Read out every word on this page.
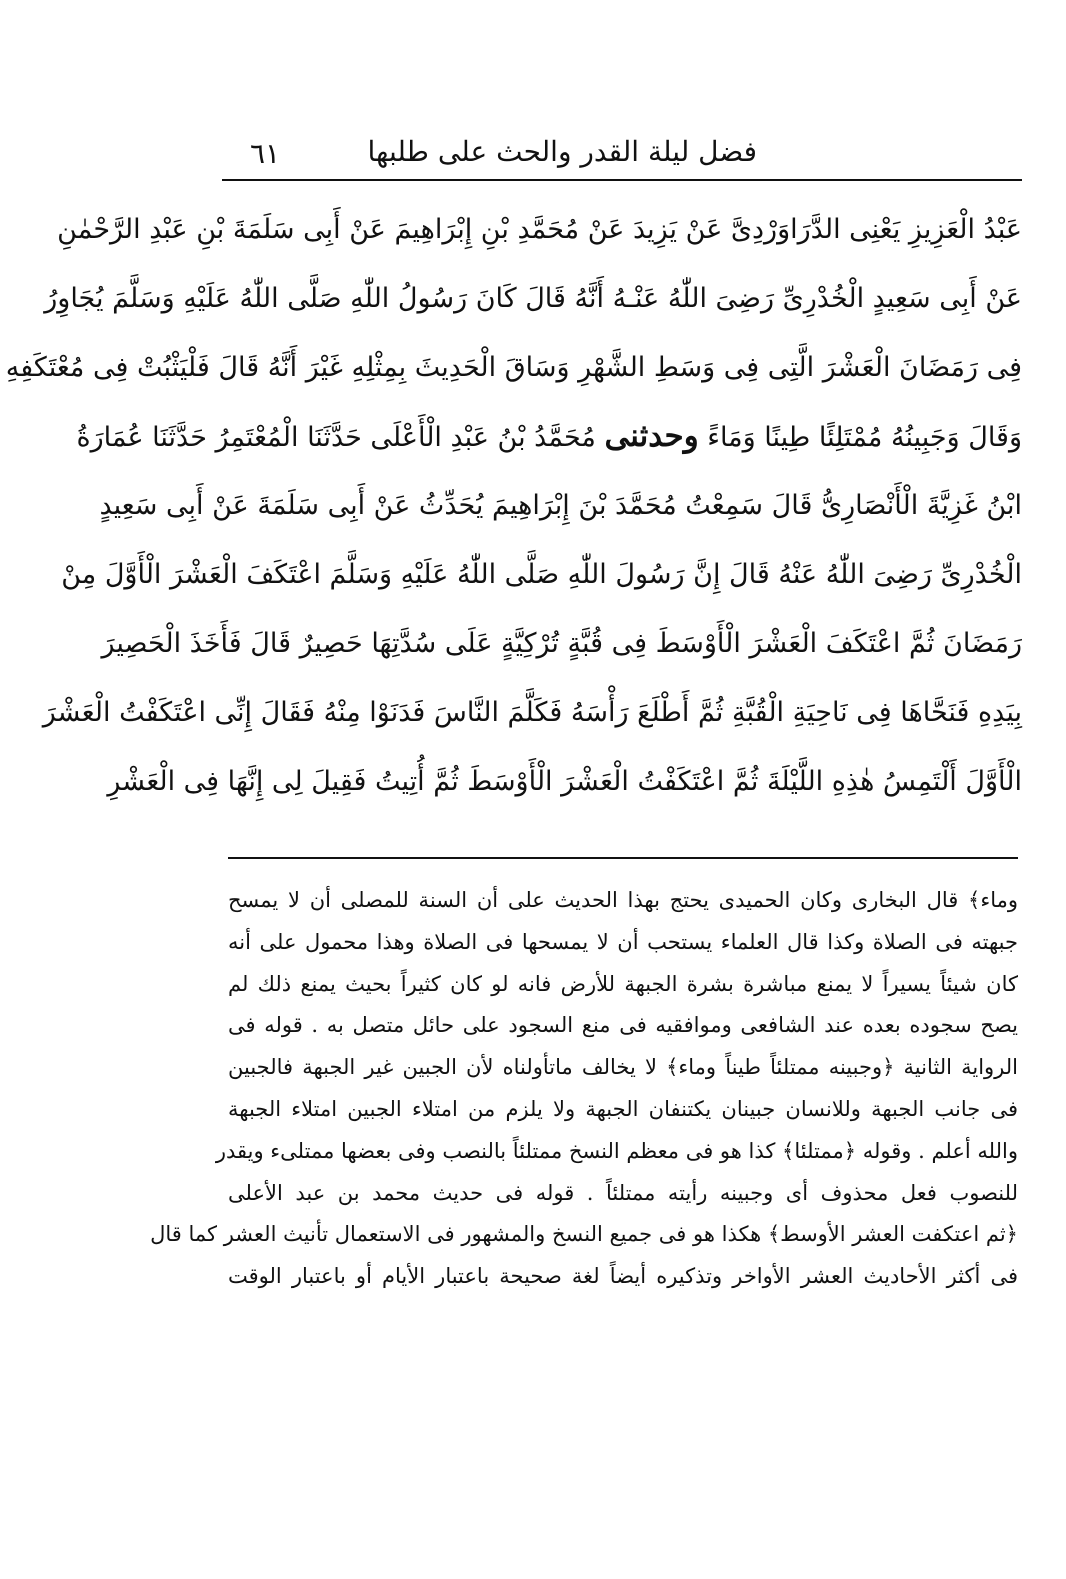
فضل ليلة القدر والحث على طلبها
٦١
عَبْدُ الْعَزِيزِ يَعْنِى الدَّرَاوَرْدِىَّ عَنْ يَزِيدَ عَنْ مُحَمَّدِ بْنِ إِبْرَاهِيمَ عَنْ أَبِى سَلَمَةَ بْنِ عَبْدِ الرَّحْمٰنِ
عَنْ أَبِى سَعِيدٍ الْخُدْرِىِّ رَضِىَ اللّٰهُ عَنْـهُ أَنَّهُ قَالَ كَانَ رَسُولُ اللّٰهِ صَلَّى اللّٰهُ عَلَيْهِ وَسَلَّمَ يُجَاوِرُ
فِى رَمَضَانَ الْعَشْرَ الَّتِى فِى وَسَطِ الشَّهْرِ وَسَاقَ الْحَدِيثَ بِمِثْلِهِ غَيْرَ أَنَّهُ قَالَ فَلْيَثْبُتْ فِى مُعْتَكَفِهِ
وَقَالَ وَجَبِينُهُ مُمْتَلِئًا طِينًا وَمَاءً وحدثنى مُحَمَّدُ بْنُ عَبْدِ الْأَعْلَى حَدَّثَنَا الْمُعْتَمِرُ حَدَّثَنَا عُمَارَةُ
ابْنُ غَزِيَّةَ الْأَنْصَارِىُّ قَالَ سَمِعْتُ مُحَمَّدَ بْنَ إِبْرَاهِيمَ يُحَدِّثُ عَنْ أَبِى سَلَمَةَ عَنْ أَبِى سَعِيدٍ
الْخُدْرِىِّ رَضِىَ اللّٰهُ عَنْهُ قَالَ إِنَّ رَسُولَ اللّٰهِ صَلَّى اللّٰهُ عَلَيْهِ وَسَلَّمَ اعْتَكَفَ الْعَشْرَ الْأَوَّلَ مِنْ
رَمَضَانَ ثُمَّ اعْتَكَفَ الْعَشْرَ الْأَوْسَطَ فِى قُبَّةٍ تُرْكِيَّةٍ عَلَى سُدَّتِهَا حَصِيرٌ قَالَ فَأَخَذَ الْحَصِيرَ
بِيَدِهِ فَنَحَّاهَا فِى نَاحِيَةِ الْقُبَّةِ ثُمَّ أَطْلَعَ رَأْسَهُ فَكَلَّمَ النَّاسَ فَدَنَوْا مِنْهُ فَقَالَ إِنِّى اعْتَكَفْتُ الْعَشْرَ
الْأَوَّلَ أَلْتَمِسُ هٰذِهِ اللَّيْلَةَ ثُمَّ اعْتَكَفْتُ الْعَشْرَ الْأَوْسَطَ ثُمَّ أُتِيتُ فَقِيلَ لِى إِنَّهَا فِى الْعَشْرِ
وماء﴾ قال البخارى وكان الحميدى يحتج بهذا الحديث على أن السنة للمصلى أن لا يمسح
جبهته فى الصلاة وكذا قال العلماء يستحب أن لا يمسحها فى الصلاة وهذا محمول على أنه
كان شيئاً يسيراً لا يمنع مباشرة بشرة الجبهة للأرض فانه لو كان كثيراً بحيث يمنع ذلك لم
يصح سجوده بعده عند الشافعى وموافقيه فى منع السجود على حائل متصل به . قوله فى
الرواية الثانية ﴿وجبينه ممتلئاً طيناً وماء﴾ لا يخالف ماتأولناه لأن الجبين غير الجبهة فالجبين
فى جانب الجبهة وللانسان جبينان يكتنفان الجبهة ولا يلزم من امتلاء الجبين امتلاء الجبهة
والله أعلم . وقوله ﴿ممتلئا﴾ كذا هو فى معظم النسخ ممتلئاً بالنصب وفى بعضها ممتلىء ويقدر
للنصوب فعل محذوف أى وجبينه رأيته ممتلئاً . قوله فى حديث محمد بن عبد الأعلى
﴿ثم اعتكفت العشر الأوسط﴾ هكذا هو فى جميع النسخ والمشهور فى الاستعمال تأنيث العشر كما قال
فى أكثر الأحاديث العشر الأواخر وتذكيره أيضاً لغة صحيحة باعتبار الأيام أو باعتبار الوقت
